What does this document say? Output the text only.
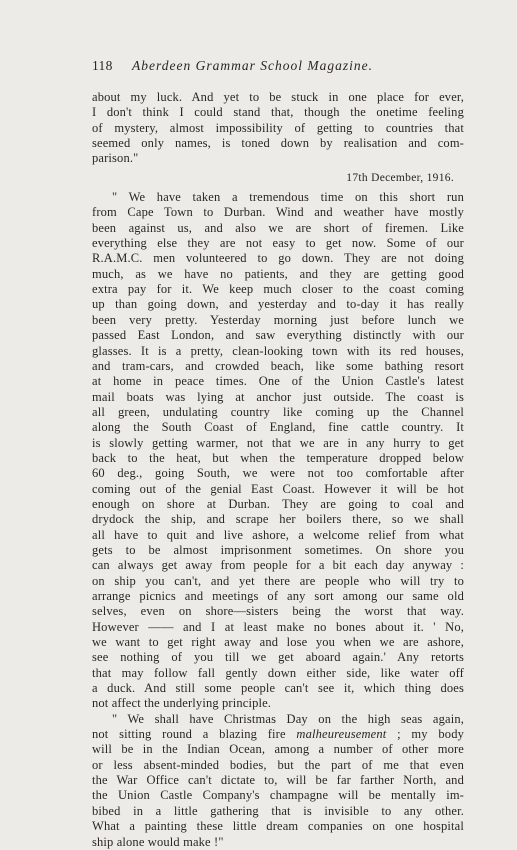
118 Aberdeen Grammar School Magazine.

about my luck. And yet to be stuck in one place for ever,
I don't think I could stand that, though the onetime feeling
of mystery, almost impossibility of getting to countries that
seemed only names, is toned down by realisation and com-
parison."

17th December, 1916.

" We have taken a tremendous time on this short run
from Cape Town to Durban. Wind and weather have mostly
been against us, and also we are short of firemen. Like
everything else they are not easy to get now. Some of our
R.A.M.C. men volunteered to go down. They are not doing
much, as we have no patients, and they are getting good
extra pay for it. We keep much closer to the coast coming
up than going down, and yesterday and to-day it has really
been very pretty. Yesterday morning just before lunch we
passed East London, and saw everything distinctly with our
glasses. It is a pretty, clean-looking town with its red houses,
and tram-cars, and crowded beach, like some bathing resort
at home in peace times. One of the Union Castle's latest
mail boats was lying at anchor just outside. The coast is
all green, undulating country like coming up the Channel
along the South Coast of England, fine cattle country. It
is slowly getting warmer, not that we are in any hurry to get
back to the heat, but when the temperature dropped below
60 deg., going South, we were not too comfortable after
coming out of the genial East Coast. However it will be hot
enough on shore at Durban. They are going to coal and
drydock the ship, and scrape her boilers there, so we shall
all have to quit and live ashore, a welcome relief from what
gets to be almost imprisonment sometimes. On shore you
can always get away from people for a bit each day anyway :
on ship you can't, and yet there are people who will try to
arrange picnics and meetings of any sort among our same old
selves, even on shore—sisters being the worst that way.
However —— and I at least make no bones about it. ' No,
we want to get right away and lose you when we are ashore,
see nothing of you till we get aboard again.' Any retorts
that may follow fall gently down either side, like water off
a duck. And still some people can't see it, which thing does
not affect the underlying principle.

" We shall have Christmas Day on the high seas again,
not sitting round a blazing fire malheureusement ; my body
will be in the Indian Ocean, among a number of other more
or less absent-minded bodies, but the part of me that even
the War Office can't dictate to, will be far farther North, and
the Union Castle Company's champagne will be mentally im-
bibed in a little gathering that is invisible to any other.
What a painting these little dream companies on one hospital
ship alone would make !"
